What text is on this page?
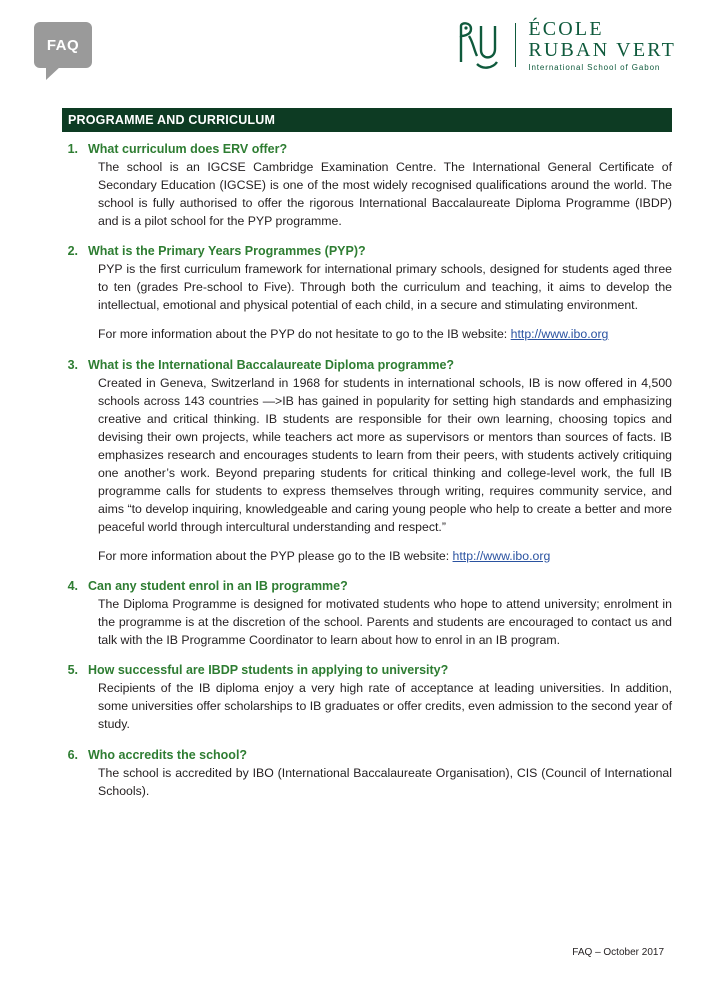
FAQ
ÉCOLE
RUBAN VERT
International School of Gabon
PROGRAMME AND CURRICULUM
1. What curriculum does ERV offer?

The school is an IGCSE Cambridge Examination Centre. The International General Certificate of Secondary Education (IGCSE) is one of the most widely recognised qualifications around the world. The school is fully authorised to offer the rigorous International Baccalaureate Diploma Programme (IBDP) and is a pilot school for the PYP programme.

2. What is the Primary Years Programmes (PYP)?

PYP is the first curriculum framework for international primary schools, designed for students aged three to ten (grades Pre-school to Five). Through both the curriculum and teaching, it aims to develop the intellectual, emotional and physical potential of each child, in a secure and stimulating environment.

For more information about the PYP do not hesitate to go to the IB website: http://www.ibo.org

3. What is the International Baccalaureate Diploma programme?

Created in Geneva, Switzerland in 1968 for students in international schools, IB is now offered in 4,500 schools across 143 countries —>IB has gained in popularity for setting high standards and emphasizing creative and critical thinking. IB students are responsible for their own learning, choosing topics and devising their own projects, while teachers act more as supervisors or mentors than sources of facts. IB emphasizes research and encourages students to learn from their peers, with students actively critiquing one another’s work. Beyond preparing students for critical thinking and college-level work, the full IB programme calls for students to express themselves through writing, requires community service, and aims “to develop inquiring, knowledgeable and caring young people who help to create a better and more peaceful world through intercultural understanding and respect.”

For more information about the PYP please go to the IB website: http://www.ibo.org

4. Can any student enrol in an IB programme?

The Diploma Programme is designed for motivated students who hope to attend university; enrolment in the programme is at the discretion of the school. Parents and students are encouraged to contact us and talk with the IB Programme Coordinator to learn about how to enrol in an IB program.

5. How successful are IBDP students in applying to university?

Recipients of the IB diploma enjoy a very high rate of acceptance at leading universities. In addition, some universities offer scholarships to IB graduates or offer credits, even admission to the second year of study.

6. Who accredits the school?

The school is accredited by IBO (International Baccalaureate Organisation), CIS (Council of International Schools).

FAQ – October 2017
